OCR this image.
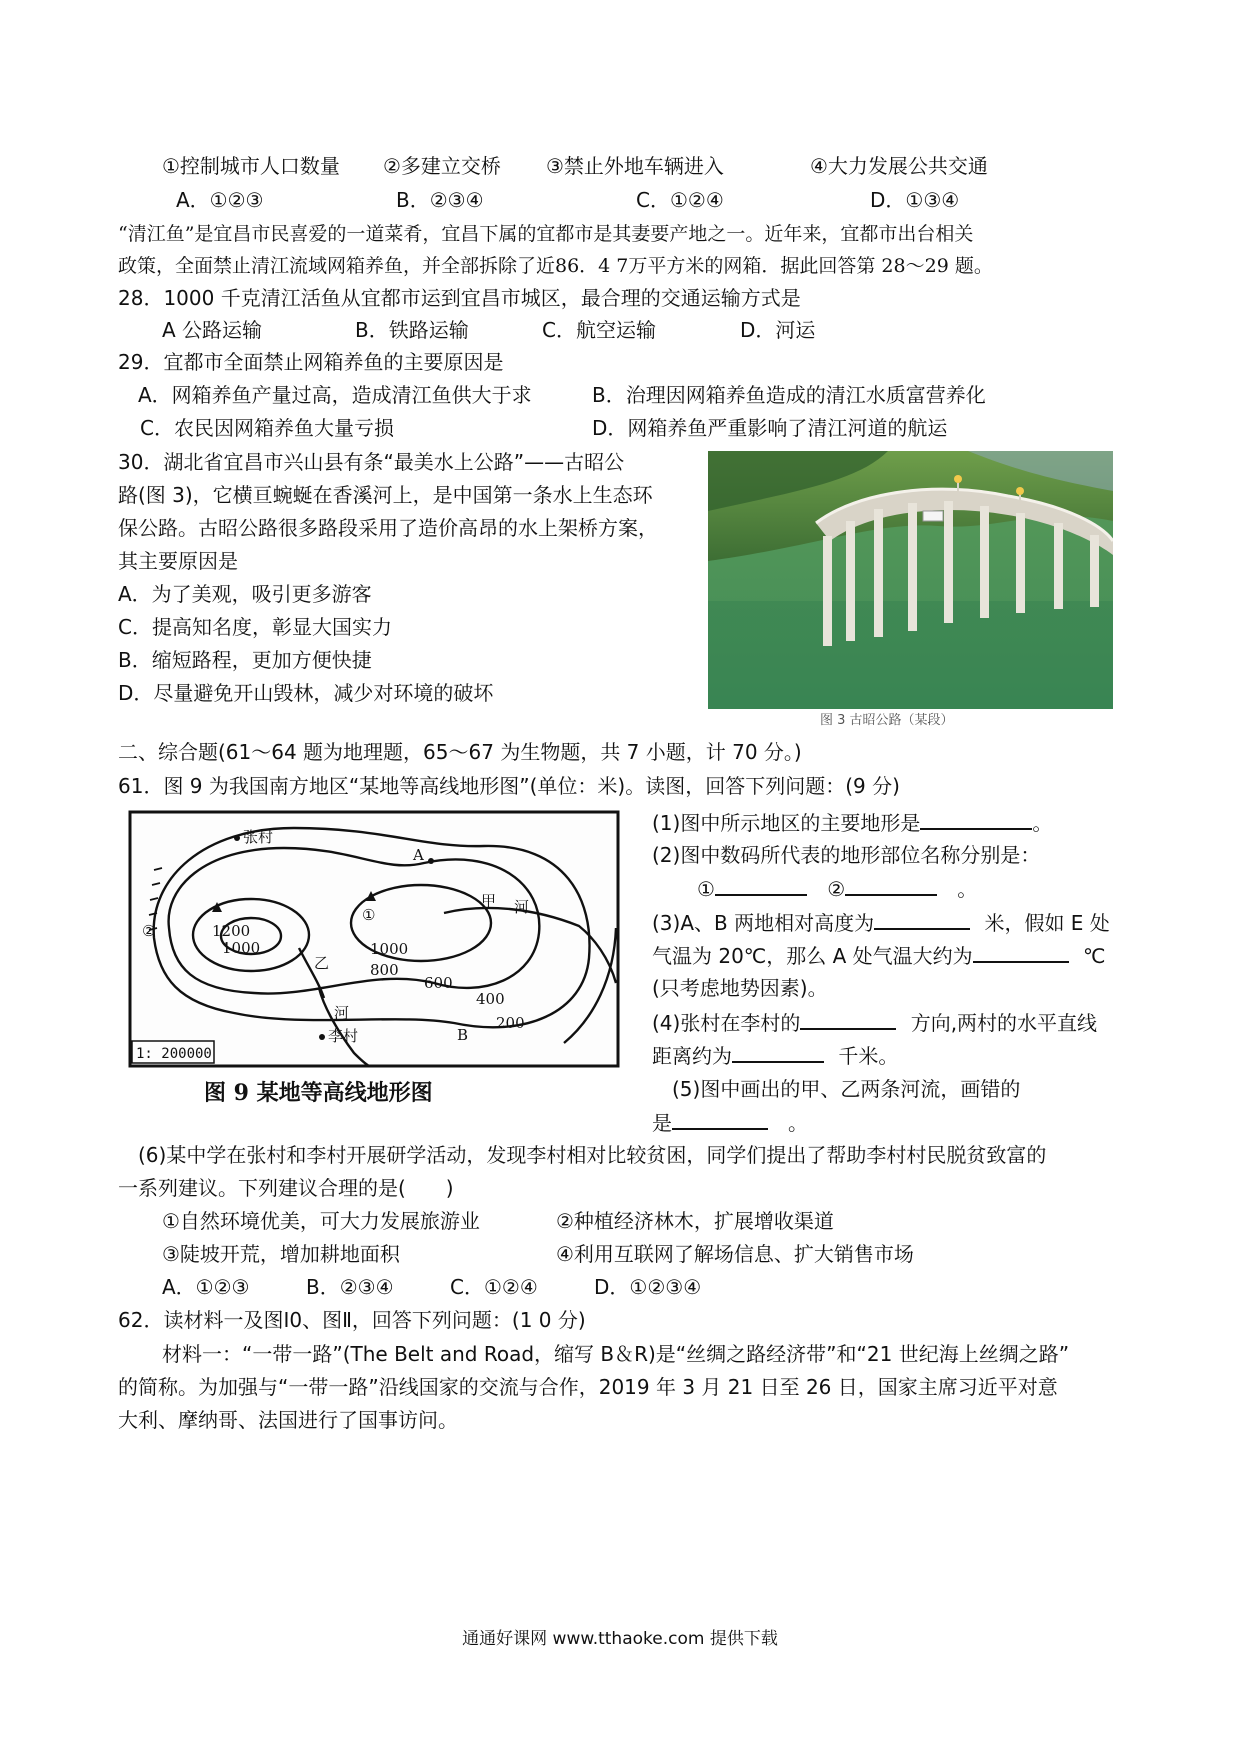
①控制城市人口数量 ②多建立交桥 ③禁止外地车辆进入	④大力发展公共交通
A．①②③	B．②③④	C．①②④	D．①③④
“清江鱼”是宜昌市民喜爱的一道菜肴，宜昌下属的宜都市是其妻要产地之一。近年来，宜都市出台相关
政策，全面禁止清江流域网箱养鱼，并全部拆除了近86．4 7万平方米的网箱．据此回答第 28～29 题。
28．1000 千克清江活鱼从宜都市运到宜昌市城区，最合理的交通运输方式是
A 公路运输	B．铁路运输	C．航空运输	D．河运
29．宜都市全面禁止网箱养鱼的主要原因是
A．网箱养鱼产量过高，造成清江鱼供大于求	B．治理因网箱养鱼造成的清江水质富营养化
C．农民因网箱养鱼大量亏损	D．网箱养鱼严重影响了清江河道的航运
30．湖北省宜昌市兴山县有条“最美水上公路”——古昭公
路(图 3)，它横亘蜿蜒在香溪河上，是中国第一条水上生态环
保公路。古昭公路很多路段采用了造价高昂的水上架桥方案，
其主要原因是
A．为了美观，吸引更多游客
C．提高知名度，彰显大国实力
B．缩短路程，更加方便快捷
D．尽量避免开山毁林，减少对环境的破坏
图 3 古昭公路（某段）
二、综合题(61～64 题为地理题，65～67 为生物题，共 7 小题，计 70 分。)
61．图 9 为我国南方地区“某地等高线地形图”(单位：米)。读图，回答下列问题：(9 分)
张村
A
B
李村
甲 河
乙
河
1200
1000	1000
800
600
400
200
①
②
1: 200000
图 9 某地等高线地形图
(1)图中所示地区的主要地形是	。
(2)图中数码所代表的地形部位名称分别是：
①	②	　。
(3)A、B 两地相对高度为	米，假如 E 处
气温为 20℃，那么 A 处气温大约为	℃
(只考虑地势因素)。
(4)张村在李村的	方向,两村的水平直线
距离约为	千米。
(5)图中画出的甲、乙两条河流，画错的
是	　。
(6)某中学在张村和李村开展研学活动，发现李村相对比较贫困，同学们提出了帮助李村村民脱贫致富的
一系列建议。下列建议合理的是(　　)
①自然环境优美，可大力发展旅游业	②种植经济林木，扩展增收渠道
③陡坡开荒，增加耕地面积	④利用互联网了解场信息、扩大销售市场
A．①②③	B．②③④	C．①②④	D．①②③④
62．读材料一及图Ⅰ0、图Ⅱ，回答下列问题：(1 0 分)
材料一：“一带一路”(The Belt and Road，缩写 B＆R)是“丝绸之路经济带”和“21 世纪海上丝绸之路”
的简称。为加强与“一带一路”沿线国家的交流与合作，2019 年 3 月 21 日至 26 日，国家主席习近平对意
大利、摩纳哥、法国进行了国事访问。
通通好课网 www.tthaoke.com 提供下载
